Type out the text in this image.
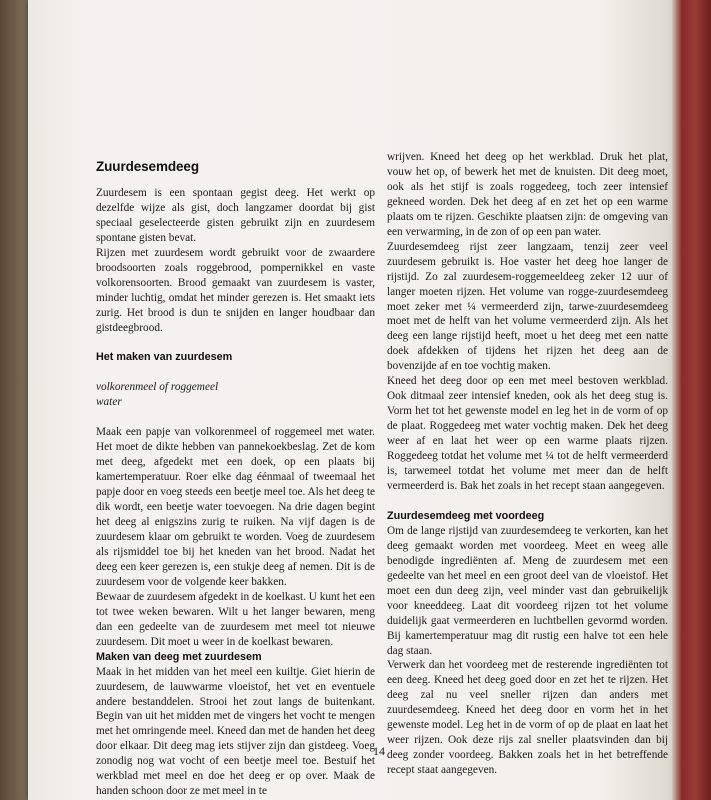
Zuurdesemdeeg

Zuurdesem is een spontaan gegist deeg. Het werkt op dezelfde wijze als gist, doch langzamer doordat bij gist speciaal geselecteerde gisten gebruikt zijn en zuurdesem spontane gisten bevat.

Rijzen met zuurdesem wordt gebruikt voor de zwaardere broodsoorten zoals roggebrood, pompernikkel en vaste volkorensoorten. Brood gemaakt van zuurdesem is vaster, minder luchtig, omdat het minder gerezen is. Het smaakt iets zurig. Het brood is dun te snijden en langer houdbaar dan gistdeegbrood.

Het maken van zuurdesem

volkorenmeel of roggemeel

water

Maak een papje van volkorenmeel of roggemeel met water. Het moet de dikte hebben van pannekoekbeslag. Zet de kom met deeg, afgedekt met een doek, op een plaats bij kamertemperatuur. Roer elke dag éénmaal of tweemaal het papje door en voeg steeds een beetje meel toe. Als het deeg te dik wordt, een beetje water toevoegen. Na drie dagen begint het deeg al enigszins zurig te ruiken. Na vijf dagen is de zuurdesem klaar om gebruikt te worden. Voeg de zuurdesem als rijsmiddel toe bij het kneden van het brood. Nadat het deeg een keer gerezen is, een stukje deeg af nemen. Dit is de zuurdesem voor de volgende keer bakken.

Bewaar de zuurdesem afgedekt in de koelkast. U kunt het een tot twee weken bewaren. Wilt u het langer bewaren, meng dan een gedeelte van de zuurdesem met meel tot nieuwe zuurdesem. Dit moet u weer in de koelkast bewaren.

Maken van deeg met zuurdesem

Maak in het midden van het meel een kuiltje. Giet hierin de zuurdesem, de lauwwarme vloeistof, het vet en eventuele andere bestanddelen. Strooi het zout langs de buitenkant. Begin van uit het midden met de vingers het vocht te mengen met het omringende meel. Kneed dan met de handen het deeg door elkaar. Dit deeg mag iets stijver zijn dan gistdeeg. Voeg zonodig nog wat vocht of een beetje meel toe. Bestuif het werkblad met meel en doe het deeg er op over. Maak de handen schoon door ze met meel in te

wrijven. Kneed het deeg op het werkblad. Druk het plat, vouw het op, of bewerk het met de knuisten. Dit deeg moet, ook als het stijf is zoals roggedeeg, toch zeer intensief gekneed worden. Dek het deeg af en zet het op een warme plaats om te rijzen. Geschikte plaatsen zijn: de omgeving van een verwarming, in de zon of op een pan water.

Zuurdesemdeeg rijst zeer langzaam, tenzij zeer veel zuurdesem gebruikt is. Hoe vaster het deeg hoe langer de rijstijd. Zo zal zuurdesem-roggemeeldeeg zeker 12 uur of langer moeten rijzen. Het volume van rogge-zuurdesemdeeg moet zeker met ¼ vermeerderd zijn, tarwe-zuurdesemdeeg moet met de helft van het volume vermeerderd zijn. Als het deeg een lange rijstijd heeft, moet u het deeg met een natte doek afdekken of tijdens het rijzen het deeg aan de bovenzijde af en toe vochtig maken.

Kneed het deeg door op een met meel bestoven werkblad. Ook ditmaal zeer intensief kneden, ook als het deeg stug is. Vorm het tot het gewenste model en leg het in de vorm of op de plaat. Roggedeeg met water vochtig maken. Dek het deeg weer af en laat het weer op een warme plaats rijzen. Roggedeeg totdat het volume met ¼ tot de helft vermeerderd is, tarwemeel totdat het volume met meer dan de helft vermeerderd is. Bak het zoals in het recept staan aangegeven.

Zuurdesemdeeg met voordeeg

Om de lange rijstijd van zuurdesemdeeg te verkorten, kan het deeg gemaakt worden met voordeeg. Meet en weeg alle benodigde ingrediënten af. Meng de zuurdesem met een gedeelte van het meel en een groot deel van de vloeistof. Het moet een dun deeg zijn, veel minder vast dan gebruikelijk voor kneeddeeg. Laat dit voordeeg rijzen tot het volume duidelijk gaat vermeerderen en luchtbellen gevormd worden. Bij kamertemperatuur mag dit rustig een halve tot een hele dag staan.

Verwerk dan het voordeeg met de resterende ingrediënten tot een deeg. Kneed het deeg goed door en zet het te rijzen. Het deeg zal nu veel sneller rijzen dan anders met zuurdesemdeeg. Kneed het deeg door en vorm het in het gewenste model. Leg het in de vorm of op de plaat en laat het weer rijzen. Ook deze rijs zal sneller plaatsvinden dan bij deeg zonder voordeeg. Bakken zoals het in het betreffende recept staat aangegeven.

14
